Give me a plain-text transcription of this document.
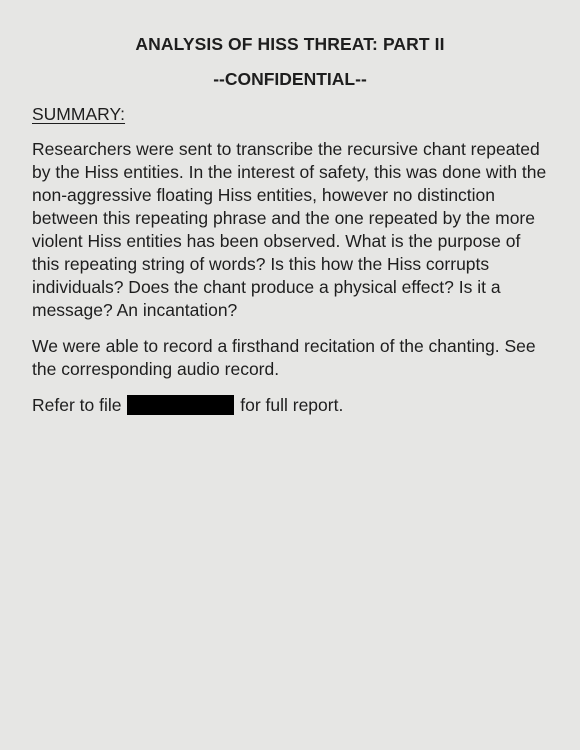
ANALYSIS OF HISS THREAT: PART II
--CONFIDENTIAL--
SUMMARY:

Researchers were sent to transcribe the recursive chant repeated by the Hiss entities. In the interest of safety, this was done with the non-aggressive floating Hiss entities, however no distinction between this repeating phrase and the one repeated by the more violent Hiss entities has been observed. What is the purpose of this repeating string of words? Is this how the Hiss corrupts individuals? Does the chant produce a physical effect? Is it a message? An incantation?

We were able to record a firsthand recitation of the chanting. See the corresponding audio record.

Refer to file	for full report.
